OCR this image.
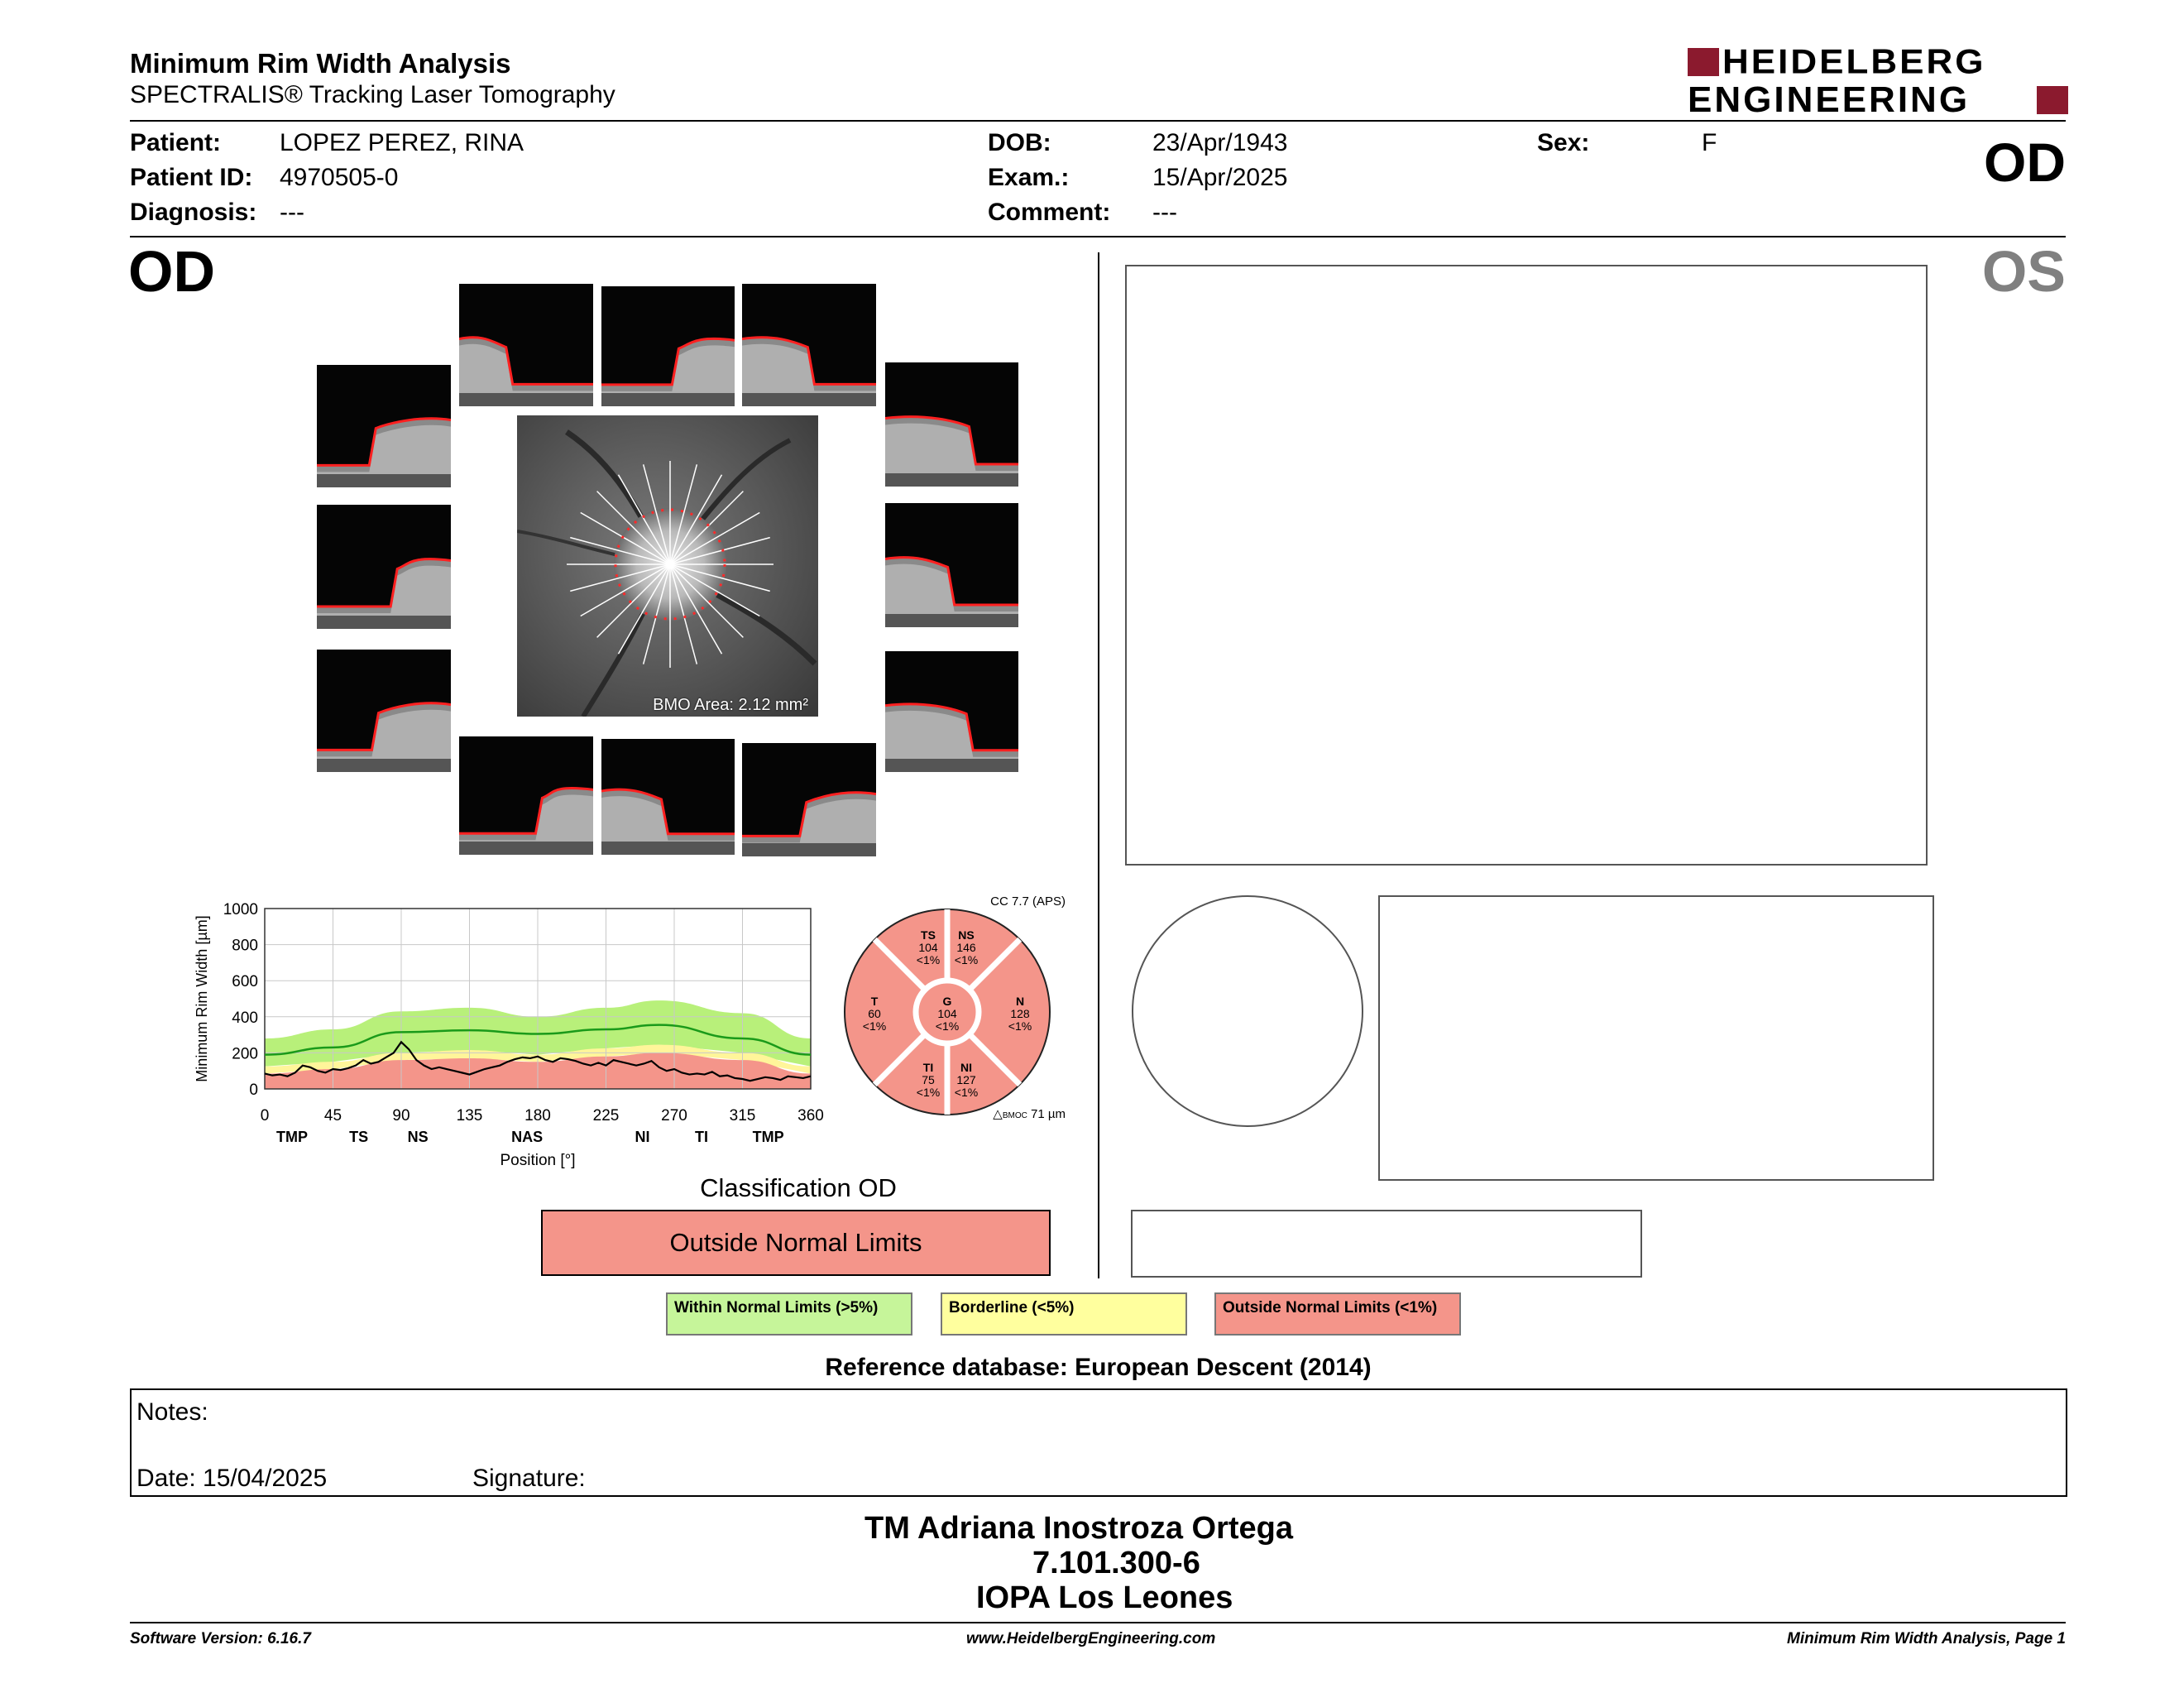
Minimum Rim Width Analysis
SPECTRALIS® Tracking Laser Tomography
HEIDELBERG
ENGINEERING
Patient: LOPEZ PEREZ, RINA
Patient ID: 4970505-0
Diagnosis: ---
DOB:	23/Apr/1943
Exam.:	15/Apr/2025
Comment: ---
Sex:	F	OD
OD	OS
BMO Area: 2.12 mm²
0	45	90	135	180	225	270	315	360
0
200
400
600
800
1000
TMP	TS	NS	NAS	NI	TI	TMP
Position [°]
Minimum Rim Width [µm]	TS
104
<1%
NS
146
<1%
T
60
<1%
G
104
<1%
N
128
<1%
TI
75
<1%
NI
127
<1%
CC 7.7 (APS)
△BMOC 71 µm
Classification OD
Outside Normal Limits
Within Normal Limits (>5%)	Borderline (<5%)	Outside Normal Limits (<1%)
Reference database: European Descent (2014)
Notes:
Date: 15/04/2025	Signature:
TM Adriana Inostroza Ortega
7.101.300-6
IOPA Los Leones
Software Version: 6.16.7	www.HeidelbergEngineering.com	Minimum Rim Width Analysis, Page 1
